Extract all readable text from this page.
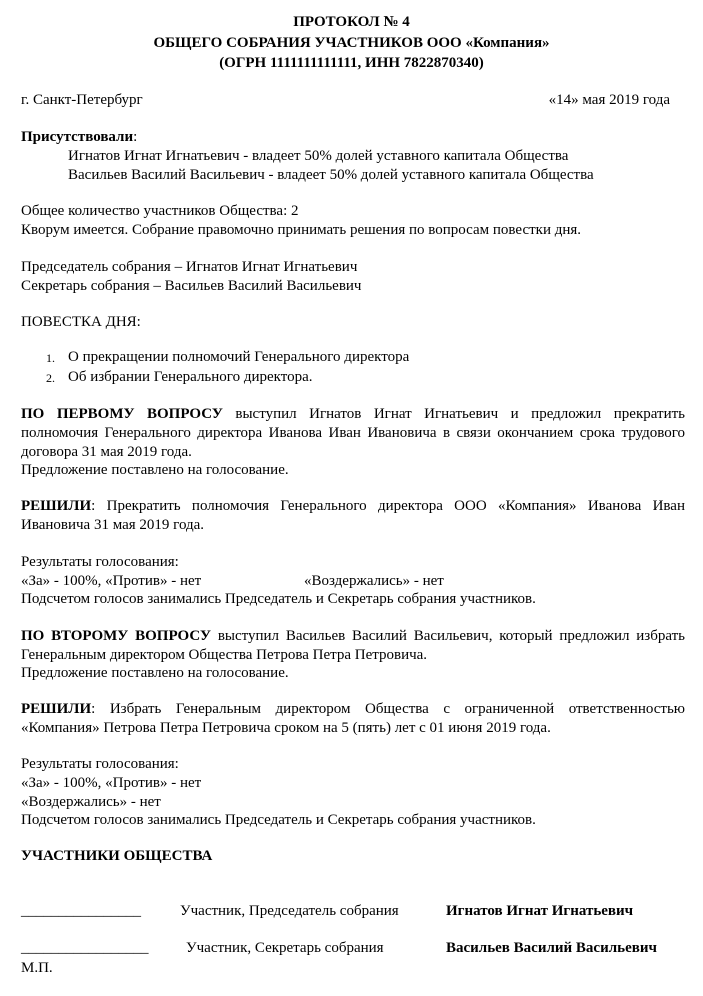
ПРОТОКОЛ № 4
ОБЩЕГО СОБРАНИЯ УЧАСТНИКОВ ООО «Компания»
(ОГРН 1111111111111, ИНН 7822870340)
г. Санкт-Петербург	«14» мая 2019 года
Присутствовали:
Игнатов Игнат Игнатьевич - владеет 50% долей уставного капитала Общества
Васильев Василий Васильевич - владеет 50% долей уставного капитала Общества
Общее количество участников Общества: 2
Кворум имеется. Собрание правомочно принимать решения по вопросам повестки дня.
Председатель собрания – Игнатов Игнат Игнатьевич
Секретарь собрания – Васильев Василий Васильевич
ПОВЕСТКА ДНЯ:
1. О прекращении полномочий Генерального директора
2. Об избрании Генерального директора.

ПО ПЕРВОМУ ВОПРОСУ выступил Игнатов Игнат Игнатьевич и предложил прекратить полномочия Генерального директора Иванова Иван Ивановича в связи окончанием срока трудового договора 31 мая 2019 года.

Предложение поставлено на голосование.

РЕШИЛИ: Прекратить полномочия Генерального директора ООО «Компания» Иванова Иван Ивановича 31 мая 2019 года.

Результаты голосования:
«За» - 100%, «Против» - нет	«Воздержались» - нет
Подсчетом голосов занимались Председатель и Секретарь собрания участников.

ПО ВТОРОМУ ВОПРОСУ выступил Васильев Василий Васильевич, который предложил избрать Генеральным директором Общества Петрова Петра Петровича.

Предложение поставлено на голосование.

РЕШИЛИ: Избрать Генеральным директором Общества с ограниченной ответственностью «Компания» Петрова Петра Петровича сроком на 5 (пять) лет с 01 июня 2019 года.

Результаты голосования:
«За» - 100%, «Против» - нет
«Воздержались» - нет
Подсчетом голосов занимались Председатель и Секретарь собрания участников.
УЧАСТНИКИ ОБЩЕСТВА
________________	Участник, Председатель собрания	Игнатов Игнат Игнатьевич
_________________	Участник, Секретарь собрания	Васильев Василий Васильевич
М.П.
